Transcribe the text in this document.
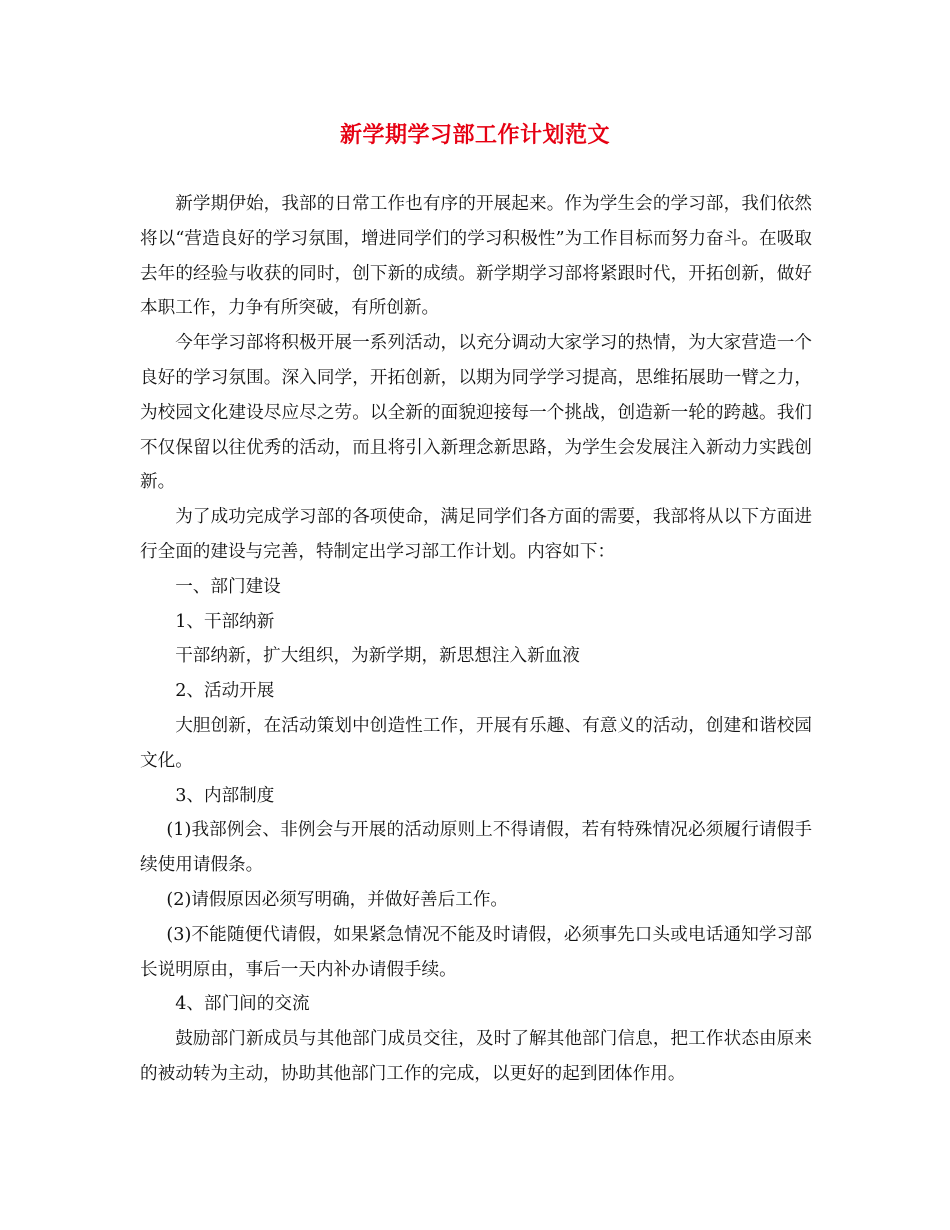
新学期学习部工作计划范文

新学期伊始，我部的日常工作也有序的开展起来。作为学生会的学习部，我们依然将以“营造良好的学习氛围，增进同学们的学习积极性”为工作目标而努力奋斗。在吸取去年的经验与收获的同时，创下新的成绩。新学期学习部将紧跟时代，开拓创新，做好本职工作，力争有所突破，有所创新。

今年学习部将积极开展一系列活动，以充分调动大家学习的热情，为大家营造一个良好的学习氛围。深入同学，开拓创新，以期为同学学习提高，思维拓展助一臂之力，为校园文化建设尽应尽之劳。以全新的面貌迎接每一个挑战，创造新一轮的跨越。我们不仅保留以往优秀的活动，而且将引入新理念新思路，为学生会发展注入新动力实践创新。

为了成功完成学习部的各项使命，满足同学们各方面的需要，我部将从以下方面进行全面的建设与完善，特制定出学习部工作计划。内容如下：

一、部门建设

1、干部纳新

干部纳新，扩大组织，为新学期，新思想注入新血液

2、活动开展

大胆创新，在活动策划中创造性工作，开展有乐趣、有意义的活动，创建和谐校园文化。

3、内部制度

(1)我部例会、非例会与开展的活动原则上不得请假，若有特殊情况必须履行请假手续使用请假条。

(2)请假原因必须写明确，并做好善后工作。

(3)不能随便代请假，如果紧急情况不能及时请假，必须事先口头或电话通知学习部长说明原由，事后一天内补办请假手续。

4、部门间的交流

鼓励部门新成员与其他部门成员交往，及时了解其他部门信息，把工作状态由原来的被动转为主动，协助其他部门工作的完成，以更好的起到团体作用。
